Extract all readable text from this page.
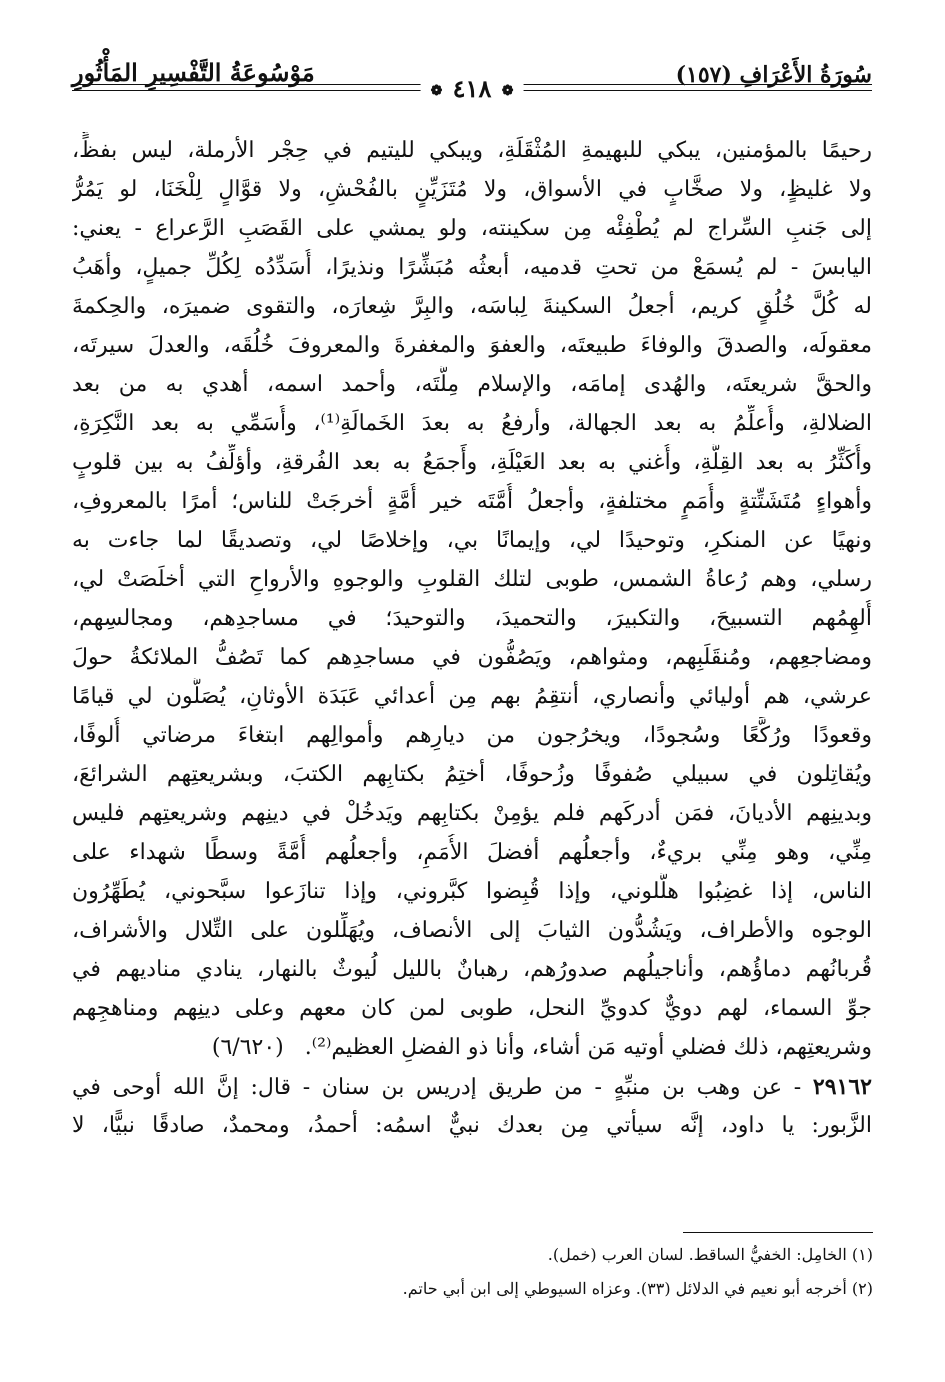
سُورَةُ الأَعْرَافِ (١٥٧)
❁ ٤١٨ ❁
مَوْسُوعَةُ التَّفْسِيرِ المَأْثُورِ
رحيمًا بالمؤمنين، يبكي للبهيمةِ المُثْقَلَةِ، ويبكي لليتيم في حِجْر الأرملة، ليس بفظٍّ،
ولا غليظٍ، ولا صخَّابٍ في الأسواق، ولا مُتَزَيِّنٍ بالفُحْشِ، ولا قوَّالٍ لِلْخَنَا، لو يَمُرُّ
إلى جَنبِ السِّراج لم يُطْفِئْه مِن سكينته، ولو يمشي على القَصَبِ الرَّعراع - يعني:
اليابسَ - لم يُسمَعْ من تحتِ قدميه، أبعثُه مُبَشِّرًا ونذيرًا، أُسَدِّدُه لِكُلِّ جميلٍ، وأهَبُ
له كُلَّ خُلُقٍ كريم، أجعلُ السكينةَ لِباسَه، والبِرَّ شِعارَه، والتقوى ضميرَه، والحِكمةَ
معقولَه، والصدقَ والوفاءَ طبيعتَه، والعفوَ والمغفرةَ والمعروفَ خُلُقَه، والعدلَ سيرتَه،
والحقَّ شريعتَه، والهُدى إمامَه، والإسلام مِلَّتَه، وأحمد اسمه، أهدي به من بعد
الضلالةِ، وأُعلِّمُ به بعد الجهالة، وأرفعُ به بعدَ الخَمالَةِ⁽¹⁾، وأُسَمِّي به بعد النَّكِرَةِ،
وأُكَثِّرُ به بعد القِلَّةِ، وأُغني به بعد العَيْلَةِ، وأَجمَعُ به بعد الفُرقةِ، وأؤلِّفُ به بين قلوبٍ
وأهواءٍ مُتَشَتِّتةٍ وأُمَمٍ مختلفةٍ، وأجعلُ أُمَّتَه خير أُمَّةٍ أخرجَتْ للناس؛ أمرًا بالمعروفِ،
ونهيًا عن المنكرِ، وتوحيدًا لي، وإيمانًا بي، وإخلاصًا لي، وتصديقًا لما جاءت به
رسلي، وهم رُعاةُ الشمس، طوبى لتلك القلوبِ والوجوهِ والأرواحِ التي أخلَصَتْ لي،
أُلهِمُهم التسبيحَ، والتكبيرَ، والتحميدَ، والتوحيدَ؛ في مساجدِهم، ومجالسِهم،
ومضاجعِهم، ومُنقَلَبِهم، ومثواهم، ويَصُفُّون في مساجدِهم كما تَصُفُّ الملائكةُ حولَ
عرشي، هم أوليائي وأنصاري، أنتقِمُ بهم مِن أعدائي عَبَدَة الأوثانِ، يُصَلُّون لي قيامًا
وقعودًا ورُكَّعًا وسُجودًا، ويخرُجون من ديارِهم وأموالِهم ابتغاءَ مرضاتي أُلوفًا،
ويُقاتِلون في سبيلي صُفوفًا وزُحوفًا، أختِمُ بكتابِهم الكتبَ، وبشريعتِهم الشرائعَ،
وبدينِهم الأديانَ، فمَن أدركَهم فلم يؤمِنْ بكتابِهم ويَدخُلْ في دينِهم وشريعتِهم فليس
مِنِّي، وهو مِنِّي بريءٌ، وأجعلُهم أفضلَ الأُمَمِ، وأجعلُهم أُمَّةً وسطًا شهداء على
الناس، إذا غضِبُوا هلَّلوني، وإذا قُبِضوا كبَّروني، وإذا تنازَعوا سبَّحوني، يُطَهِّرُون
الوجوه والأطراف، ويَشُدُّون الثيابَ إلى الأنصاف، ويُهَلِّلون على التِّلال والأشراف،
قُربانُهم دماؤُهم، وأناجيلُهم صدورُهم، رهبانٌ بالليل لُيوثٌ بالنهار، ينادي مناديهم في
جوِّ السماء، لهم دويٌّ كدويِّ النحل، طوبى لمن كان معهم وعلى دينِهم ومناهجِهم
وشريعتِهم، ذلك فضلي أوتيه مَن أشاء، وأنا ذو الفضلِ العظيم⁽²⁾. (٦/٦٢٠)
٢٩١٦٢ - عن وهب بن منبِّهٍ - من طريق إدريس بن سنان - قال: إنَّ الله أوحى في
الزَّبور: يا داود، إنَّه سيأتي مِن بعدك نبيٌّ اسمُه: أحمدُ، ومحمدٌ، صادقًا نبيًّا، لا
(١) الخامِل: الخفيُّ الساقط. لسان العرب (خمل).
(٢) أخرجه أبو نعيم في الدلائل (٣٣). وعزاه السيوطي إلى ابن أبي حاتم.
